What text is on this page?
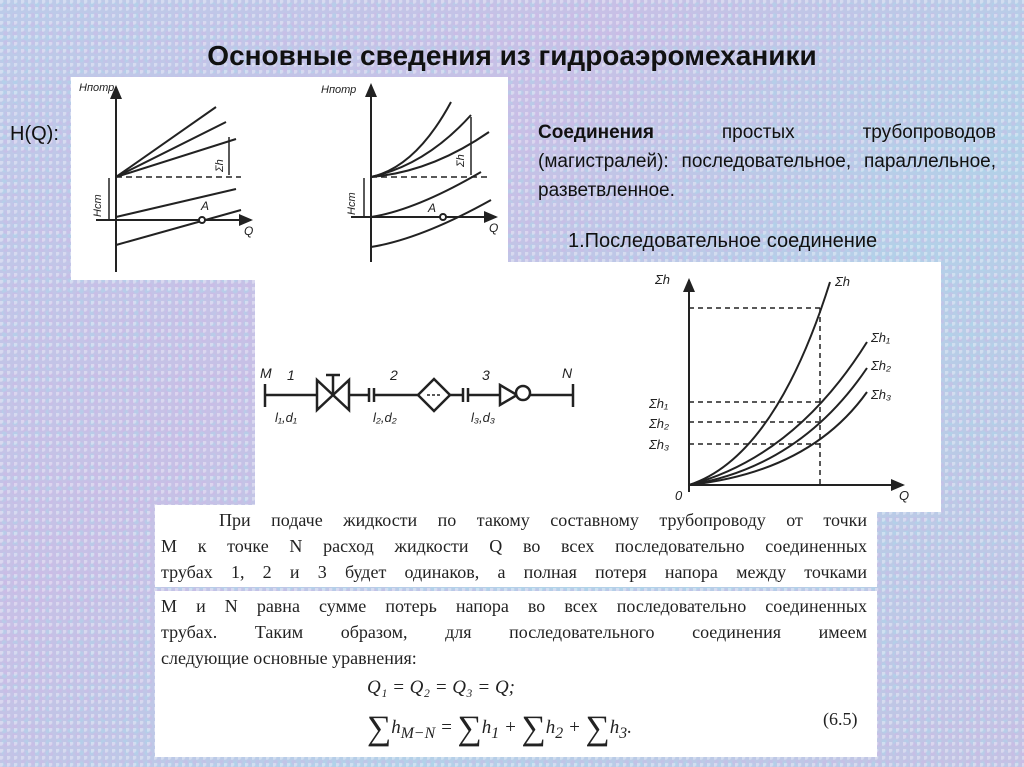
Основные сведения из гидроаэромеханики
H(Q):
Hпотр
Q
Hст
Σh
A
Hпотр
Q
Hст
Σh
A
Соединения простых трубопроводов (магистралей): последовательное, параллельное, разветвленное.
1.Последовательное соединение
M	N
1	2	3
l₁,d₁	l₂,d₂	l₃,d₃
Σh
Q
0
Σh
Σh₁
Σh₂
Σh₃
Σh₁
Σh₂
Σh₃
При подаче жидкости по такому составному трубопроводу от точки
M к точке N расход жидкости Q во всех последовательно соединенных
трубах 1, 2 и 3 будет одинаков, а полная потеря напора между точками
M и N равна сумме потерь напора во всех последовательно соединенных
трубах. Таким образом, для последовательного соединения имеем
следующие основные уравнения:
Q₁ = Q₂ = Q₃ = Q;
$\sum h_{M-N} = \sum h_1 + \sum h_2 + \sum h_3$.	(6.5)
